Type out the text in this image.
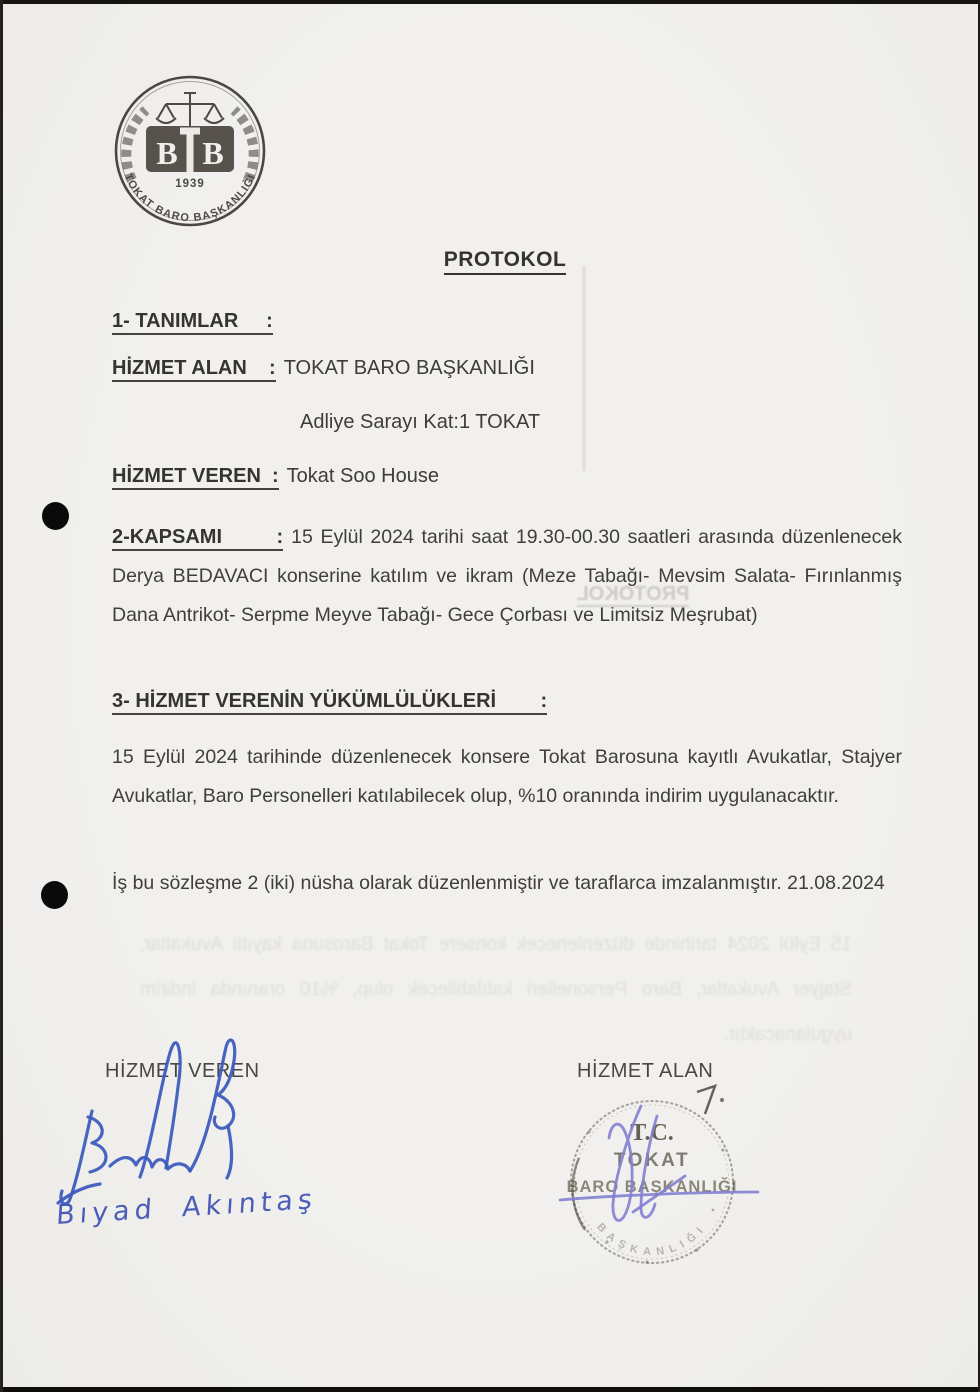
B B
1939
TOKAT BARO BAŞKANLIĞI
PROTOKOL
1- TANIMLAR     :
HİZMET ALAN    : TOKAT BARO BAŞKANLIĞI
Adliye Sarayı Kat:1 TOKAT
HİZMET VEREN  : Tokat Soo House
2-KAPSAMI       : 15 Eylül 2024 tarihi saat 19.30-00.30 saatleri arasında düzenlenecek Derya BEDAVACI konserine katılım ve ikram (Meze Tabağı- Mevsim Salata- Fırınlanmış Dana Antrikot- Serpme Meyve Tabağı- Gece Çorbası ve Limitsiz Meşrubat)
3- HİZMET VERENİN YÜKÜMLÜLÜKLERİ        :
15 Eylül 2024 tarihinde düzenlenecek konsere Tokat Barosuna kayıtlı Avukatlar, Stajyer Avukatlar, Baro Personelleri katılabilecek olup, %10 oranında indirim uygulanacaktır.
İş bu sözleşme 2 (iki) nüsha olarak düzenlenmiştir ve taraflarca imzalanmıştır. 21.08.2024
PROTOKOL
15 Eylül 2024 tarihinde düzenlenecek konsere Tokat Barosuna kayıtlı Avukatlar, Stajyer Avukatlar, Baro Personelleri katılabilecek olup, %10 oranında indirim uygulanacaktır.
HİZMET VEREN	HİZMET ALAN
Bıyad Akıntaş
T.C.
TOKAT
BARO BAŞKANLIĞI
BAŞKANLIĞI
